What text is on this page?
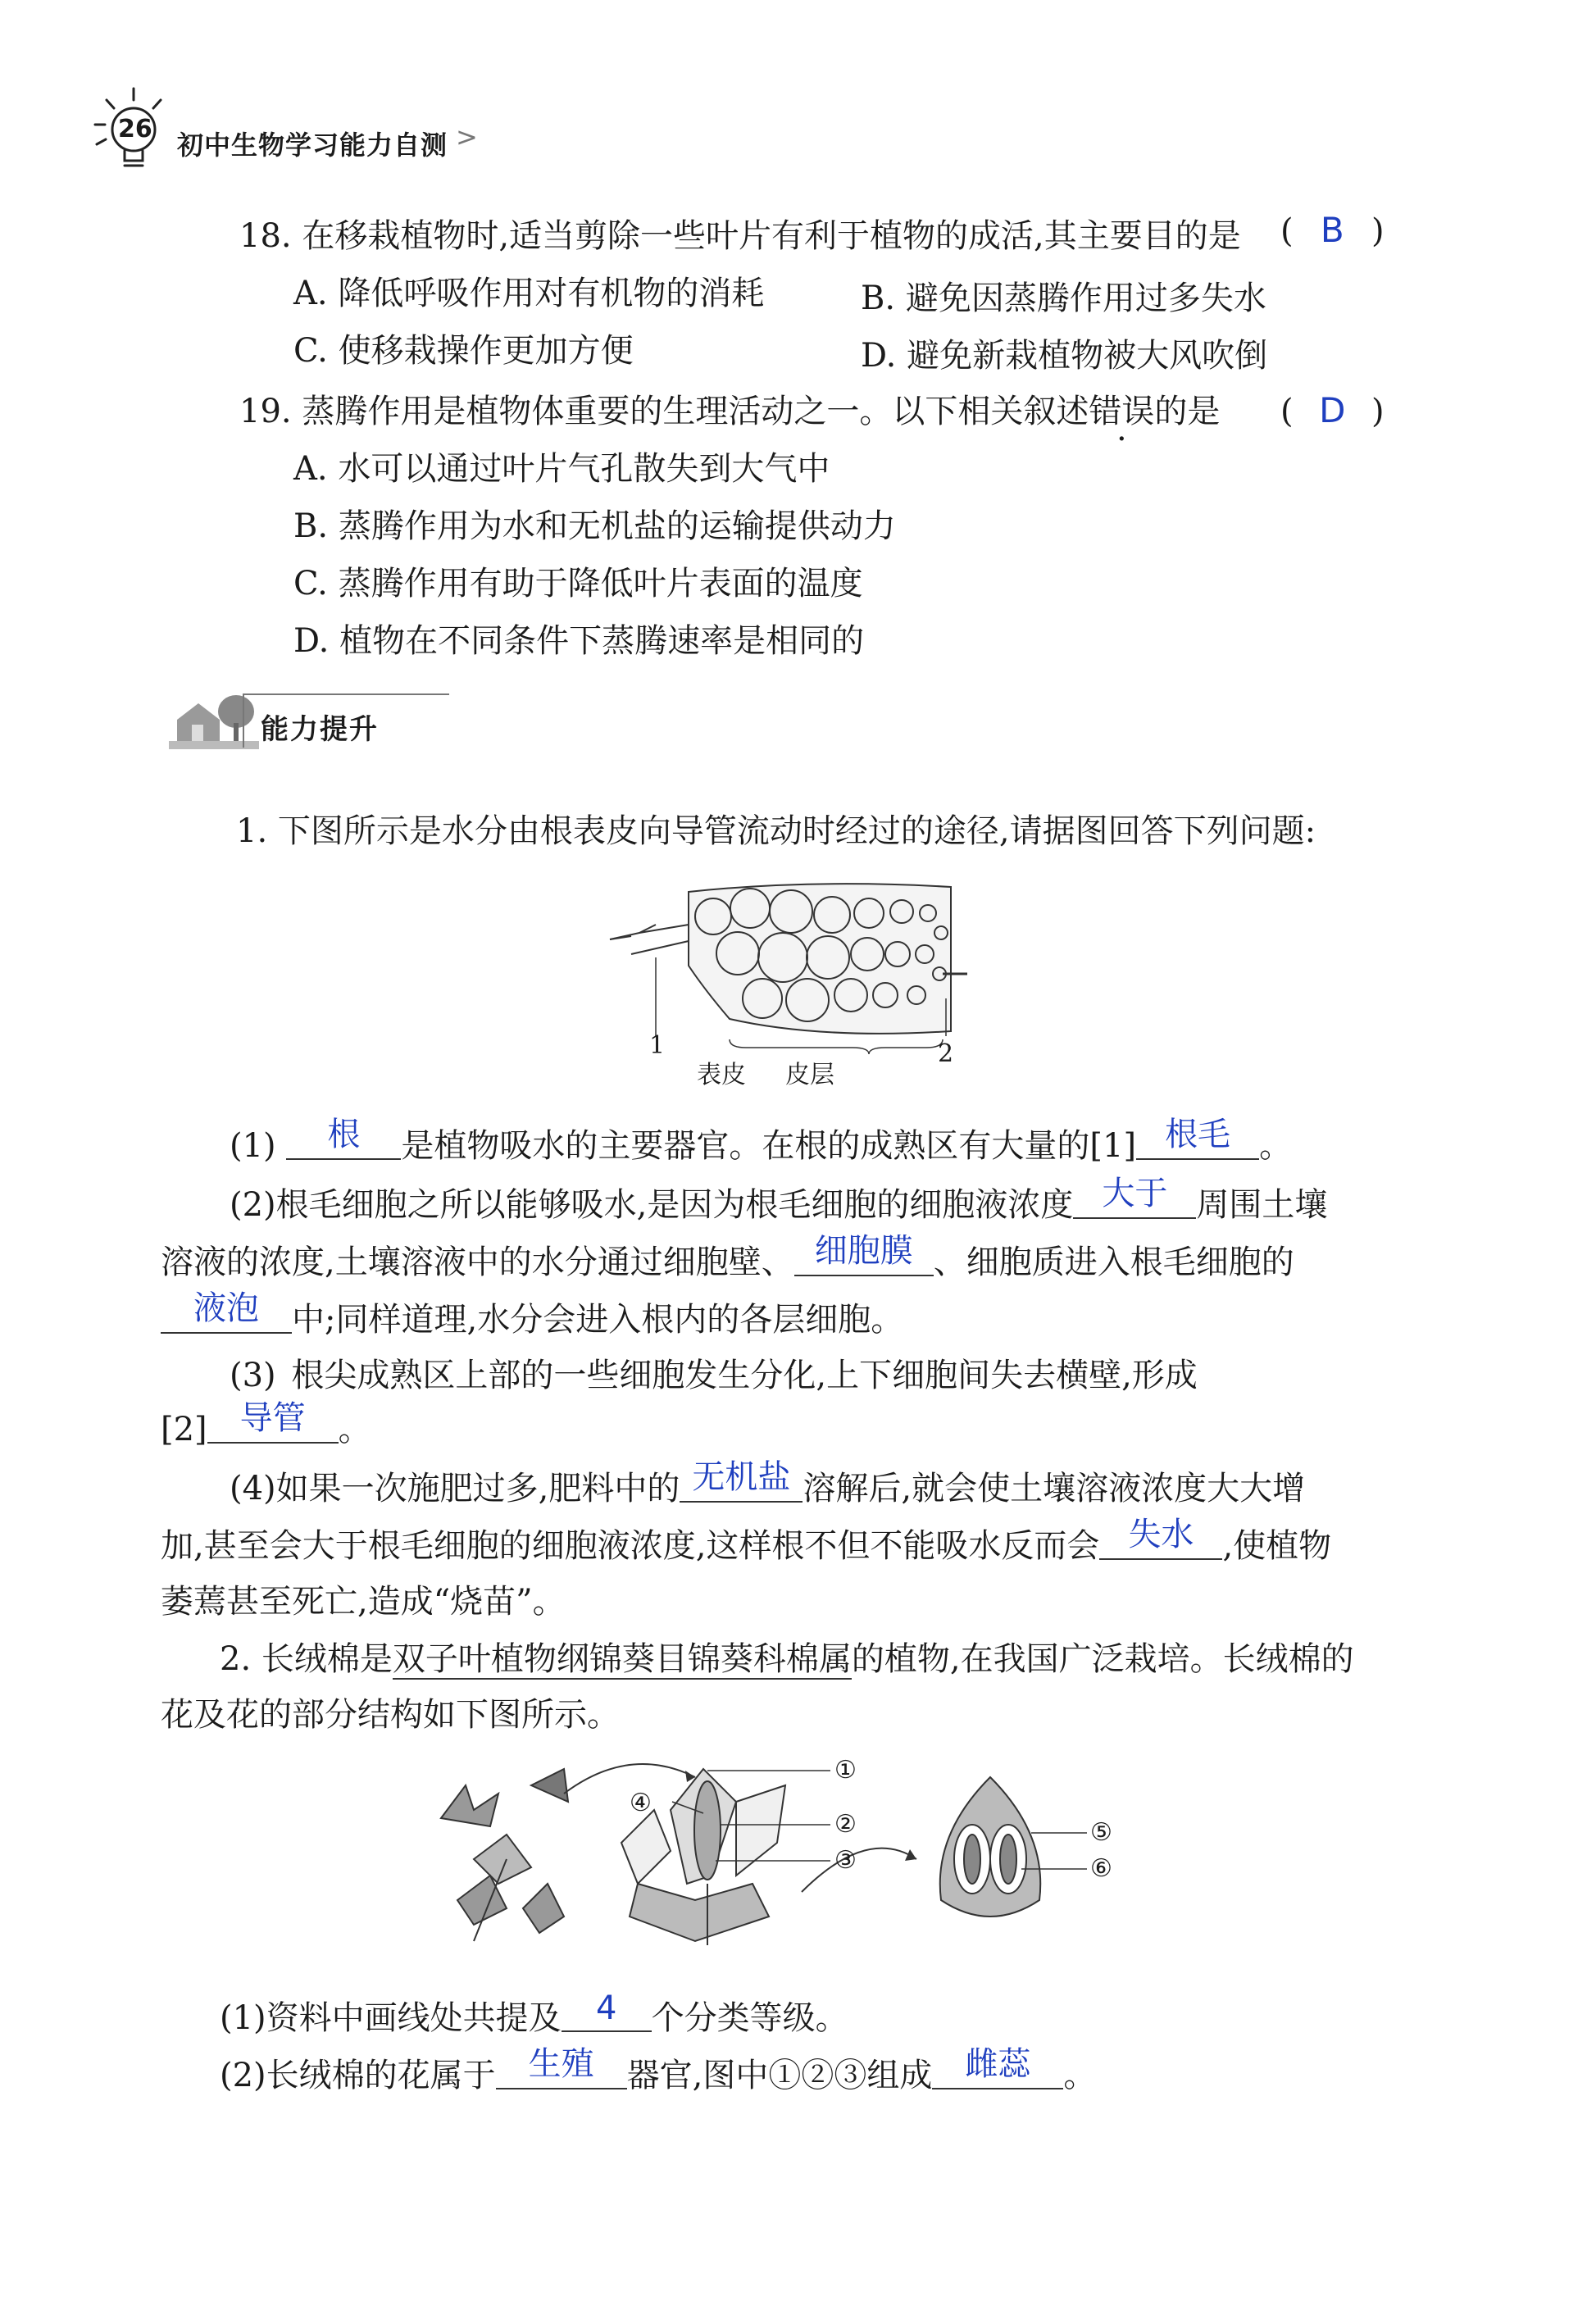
26
初中生物学习能力自测 >
18. 在移栽植物时,适当剪除一些叶片有利于植物的成活,其主要目的是 ( B )
A. 降低呼吸作用对有机物的消耗	B. 避免因蒸腾作用过多失水
C. 使移栽操作更加方便	D. 避免新栽植物被大风吹倒
19. 蒸腾作用是植物体重要的生理活动之一。以下相关叙述错误的是 ( D )
A. 水可以通过叶片气孔散失到大气中
B. 蒸腾作用为水和无机盐的运输提供动力
C. 蒸腾作用有助于降低叶片表面的温度
D. 植物在不同条件下蒸腾速率是相同的
能力提升
1. 下图所示是水分由根表皮向导管流动时经过的途径,请据图回答下列问题:
1	2
表皮 皮层
(1)	根	是植物吸水的主要器官。在根的成熟区有大量的[1] 根毛 。
(2)根毛细胞之所以能够吸水,是因为根毛细胞的细胞液浓度 大于 周围土壤
溶液的浓度,土壤溶液中的水分通过细胞壁、 细胞膜 、细胞质进入根毛细胞的
液泡	中;同样道理,水分会进入根内的各层细胞。
(3) 根尖成熟区上部的一些细胞发生分化,上下细胞间失去横壁,形成
[2]	导管	。
(4)如果一次施肥过多,肥料中的 无机盐 溶解后,就会使土壤溶液浓度大大增
加,甚至会大于根毛细胞的细胞液浓度,这样根不但不能吸水反而会 失水 ,使植物
萎蔫甚至死亡,造成“烧苗”。
2. 长绒棉是双子叶植物纲锦葵目锦葵科棉属的植物,在我国广泛栽培。长绒棉的
花及花的部分结构如下图所示。
①
②
③
④
⑤
⑥
(1)资料中画线处共提及	4	个分类等级。
(2)长绒棉的花属于	生殖	器官,图中①②③组成	雌蕊	。
